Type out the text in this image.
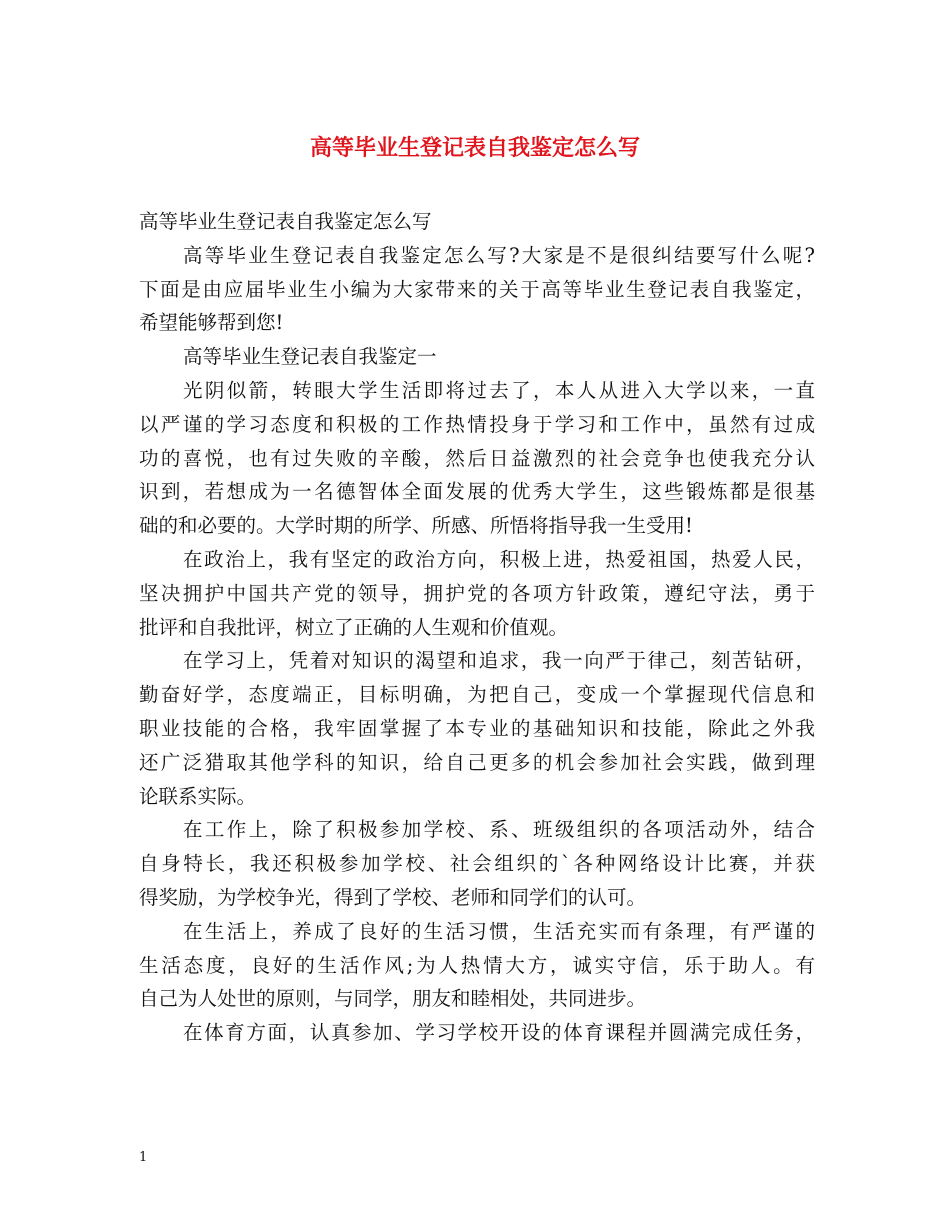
高等毕业生登记表自我鉴定怎么写

高等毕业生登记表自我鉴定怎么写

高等毕业生登记表自我鉴定怎么写?大家是不是很纠结要写什么呢?

下面是由应届毕业生小编为大家带来的关于高等毕业生登记表自我鉴定，

希望能够帮到您!

高等毕业生登记表自我鉴定一

光阴似箭，转眼大学生活即将过去了，本人从进入大学以来，一直

以严谨的学习态度和积极的工作热情投身于学习和工作中，虽然有过成

功的喜悦，也有过失败的辛酸，然后日益激烈的社会竞争也使我充分认

识到，若想成为一名德智体全面发展的优秀大学生，这些锻炼都是很基

础的和必要的。大学时期的所学、所感、所悟将指导我一生受用!

在政治上，我有坚定的政治方向，积极上进，热爱祖国，热爱人民，

坚决拥护中国共产党的领导，拥护党的各项方针政策，遵纪守法，勇于

批评和自我批评，树立了正确的人生观和价值观。

在学习上，凭着对知识的渴望和追求，我一向严于律己，刻苦钻研，

勤奋好学，态度端正，目标明确，为把自己，变成一个掌握现代信息和

职业技能的合格，我牢固掌握了本专业的基础知识和技能，除此之外我

还广泛猎取其他学科的知识，给自己更多的机会参加社会实践，做到理

论联系实际。

在工作上，除了积极参加学校、系、班级组织的各项活动外，结合

自身特长，我还积极参加学校、社会组织的`各种网络设计比赛，并获

得奖励，为学校争光，得到了学校、老师和同学们的认可。

在生活上，养成了良好的生活习惯，生活充实而有条理，有严谨的

生活态度，良好的生活作风;为人热情大方，诚实守信，乐于助人。有

自己为人处世的原则，与同学，朋友和睦相处，共同进步。

在体育方面，认真参加、学习学校开设的体育课程并圆满完成任务，

1
